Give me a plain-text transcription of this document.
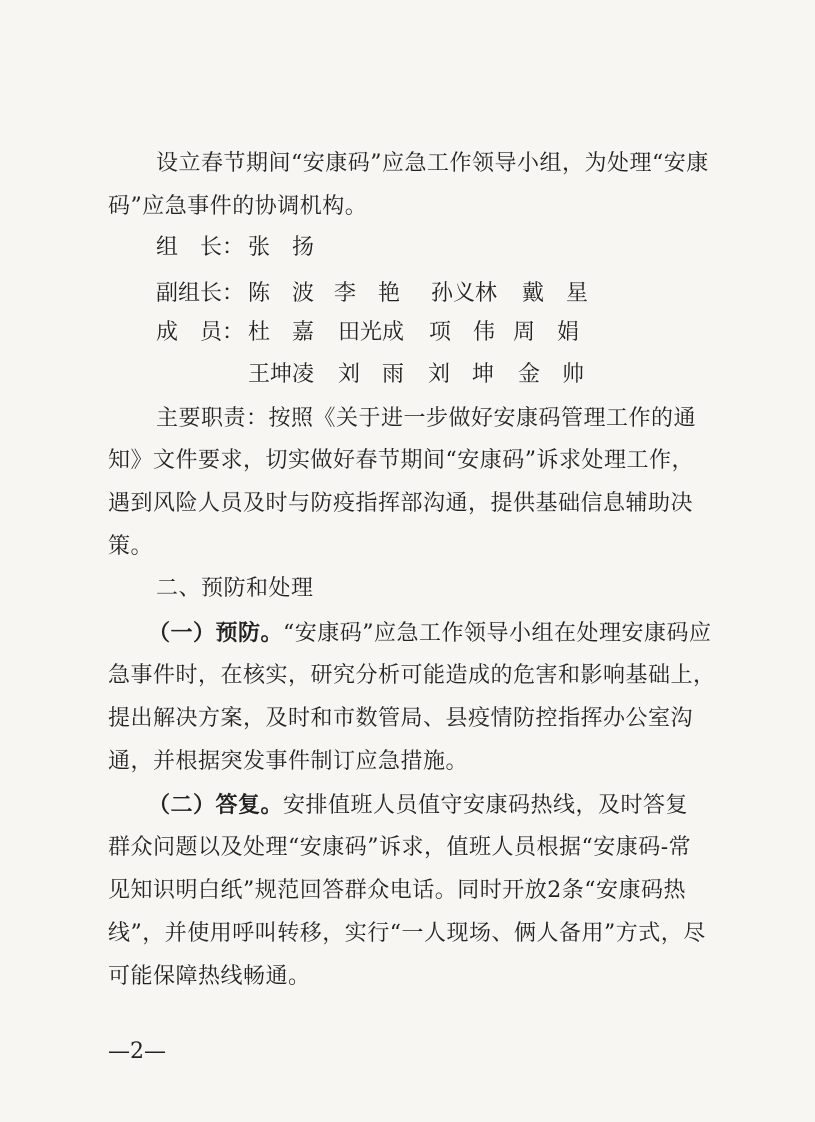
设立春节期间“安康码”应急工作领导小组，为处理“安康
码”应急事件的协调机构。
组　长： 张　扬
副组长： 陈　波 李　艳 孙义林 戴　星
成　员： 杜　嘉 田光成 项　伟 周　娟
王坤凌 刘　雨 刘　坤 金　帅
主要职责：按照《关于进一步做好安康码管理工作的通
知》文件要求，切实做好春节期间“安康码”诉求处理工作，
遇到风险人员及时与防疫指挥部沟通，提供基础信息辅助决
策。
二、预防和处理
（一）预防。“安康码”应急工作领导小组在处理安康码应
急事件时，在核实，研究分析可能造成的危害和影响基础上，
提出解决方案，及时和市数管局、县疫情防控指挥办公室沟
通，并根据突发事件制订应急措施。
（二）答复。安排值班人员值守安康码热线，及时答复
群众问题以及处理“安康码”诉求，值班人员根据“安康码-常
见知识明白纸”规范回答群众电话。同时开放2条“安康码热
线”，并使用呼叫转移，实行“一人现场、俩人备用”方式，尽
可能保障热线畅通。
—2—
